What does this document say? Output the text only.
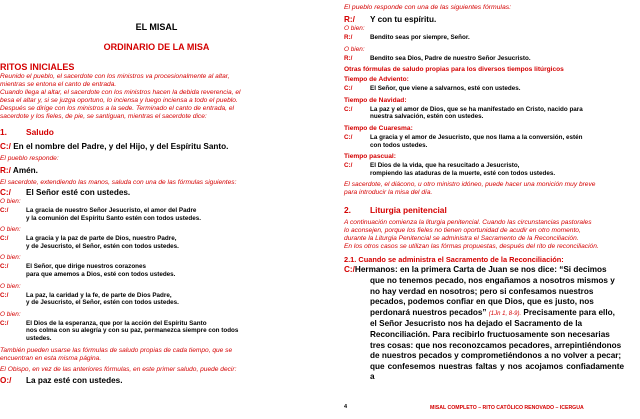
EL MISAL
ORDINARIO DE LA MISA
RITOS INICIALES

Reunido el pueblo, el sacerdote con los ministros va procesionalmente al altar,

mientras se entona el canto de entrada.

Cuando llega al altar, el sacerdote con los ministros hacen la debida reverencia, el

besa el altar y, si se juzga oportuno, lo inciensa y luego inciensa a todo el pueblo.

Después se dirige con los ministros a la sede. Terminado el canto de entrada, el

sacerdote y los fieles, de pie, se santiguan, mientras el sacerdote dice:

1.	Saludo
C:/ En el nombre del Padre, y del Hijo, y del Espíritu Santo.

El pueblo responde:

R:/ Amén.

El sacerdote, extendiendo las manos, saluda con una de las fórmulas siguientes:

C:/ El Señor esté con ustedes.
O bien:
C:/	La gracia de nuestro Señor Jesucristo, el amor del Padre
y la comunión del Espíritu Santo estén con todos ustedes.
O bien:
C:/	La gracia y la paz de parte de Dios, nuestro Padre,
y de Jesucristo, el Señor, estén con todos ustedes.
O bien:
C:/	El Señor, que dirige nuestros corazones
para que amemos a Dios, esté con todos ustedes.
O bien:
C:/	La paz, la caridad y la fe, de parte de Dios Padre,
y de Jesucristo, el Señor, estén con todos ustedes.
O bien:
C:/	El Dios de la esperanza, que por la acción del Espíritu Santo
nos colma con su alegría y con su paz, permanezca siempre con todos
ustedes.

También pueden usarse las fórmulas de saludo propias de cada tiempo, que se

encuentran en esta misma página.

El Obispo, en vez de las anteriores fórmulas, en este primer saludo, puede decir:

O:/ La paz esté con ustedes.

El pueblo responde con una de las siguientes fórmulas:

R:/ Y con tu espíritu.
O bien:
R:/	Bendito seas por siempre, Señor.
O bien:
R:/	Bendito sea Dios, Padre de nuestro Señor Jesucristo.
Otras fórmulas de saludo propias para los diversos tiempos litúrgicos
Tiempo de Adviento:
C:/	El Señor, que viene a salvarnos, esté con ustedes.
Tiempo de Navidad:
C:/	La paz y el amor de Dios, que se ha manifestado en Cristo, nacido para
nuestra salvación, estén con ustedes.
Tiempo de Cuaresma:
C:/	La gracia y el amor de Jesucristo, que nos llama a la conversión, estén
con todos ustedes.
Tiempo pascual:
C:/	El Dios de la vida, que ha resucitado a Jesucristo,
rompiendo las ataduras de la muerte, esté con todos ustedes.

El sacerdote, el diácono, u otro ministro idóneo, puede hacer una monición muy breve

para introducir la misa del día.

2.	Liturgia penitencial

A continuación comienza la liturgia penitencial. Cuando las circunstancias pastorales

lo aconsejen, porque los fieles no tienen oportunidad de acudir en otro momento,

durante la Liturgia Penitencial se administra el Sacramento de la Reconciliación.

En los otros casos se utilizan las fórmas propuestas, después del rito de reconciliación.

2.1. Cuando se administra el Sacramento de la Reconciliación:
C:/Hermanos: en la primera Carta de Juan se nos dice: “Si decimos
que no tenemos pecado, nos engañamos a nosotros mismos y
no hay verdad en nosotros; pero si confesamos nuestros
pecados, podemos confiar en que Dios, que es justo, nos
perdonará nuestros pecados” (1Jn 1, 8-9). Precisamente para ello,
el Señor Jesucristo nos ha dejado el Sacramento de la
Reconciliación. Para recibirlo fructuosamente son necesarias
tres cosas: que nos reconozcamos pecadores, arrepintiéndonos
de nuestros pecados y comprometiéndonos a no volver a pecar;
que confesemos nuestras faltas y nos acojamos confiadamente a
4	MISAL COMPLETO – RITO CATÓLICO RENOVADO – ICERGUA
